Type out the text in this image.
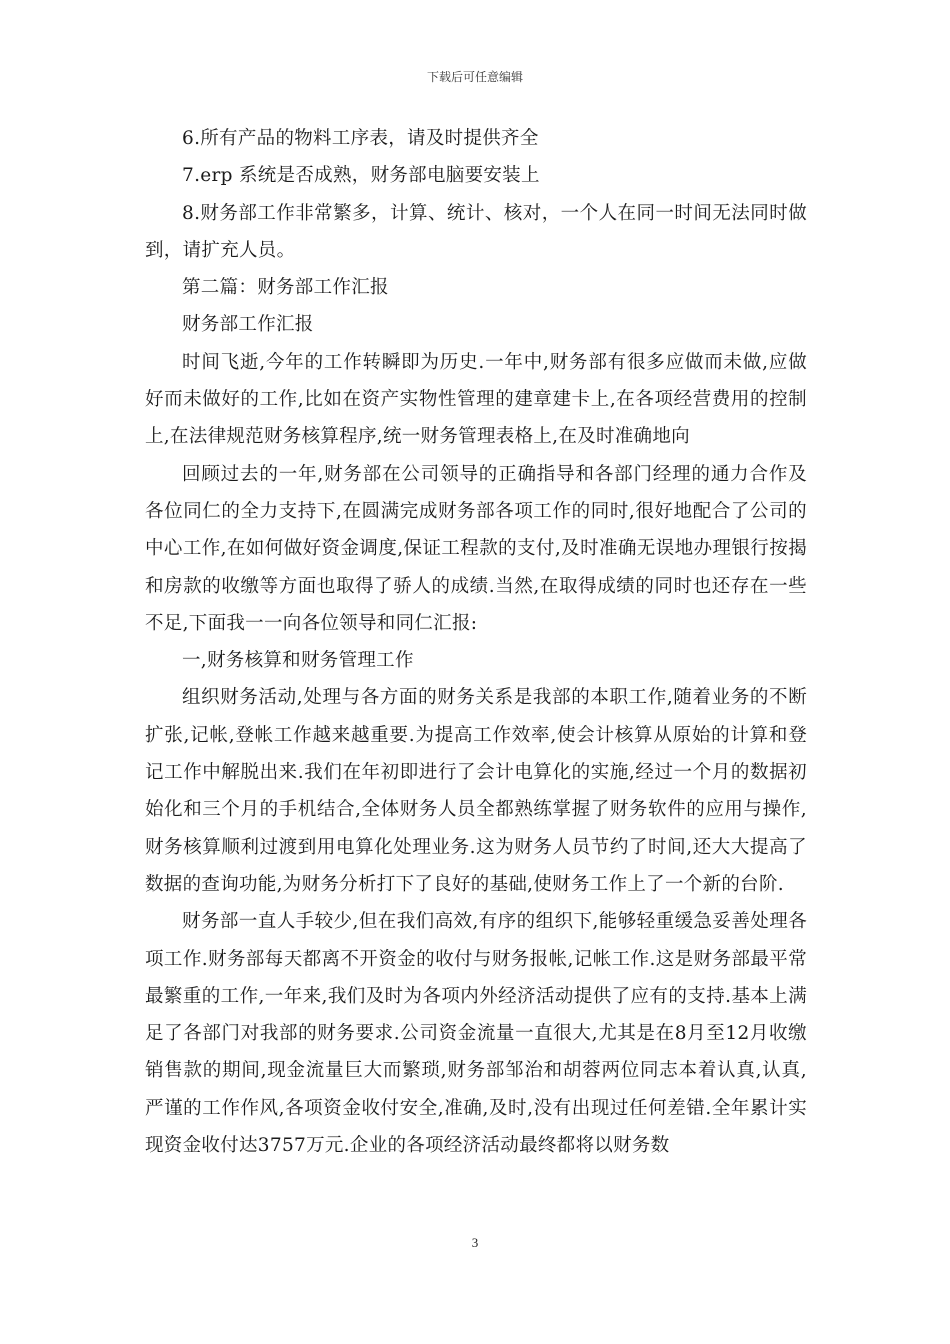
下载后可任意编辑

6.所有产品的物料工序表，请及时提供齐全

7.erp 系统是否成熟，财务部电脑要安装上

8.财务部工作非常繁多，计算、统计、核对，一个人在同一时间无法同时做到，请扩充人员。

第二篇：财务部工作汇报

财务部工作汇报

时间飞逝,今年的工作转瞬即为历史.一年中,财务部有很多应做而未做,应做好而未做好的工作,比如在资产实物性管理的建章建卡上,在各项经营费用的控制上,在法律规范财务核算程序,统一财务管理表格上,在及时准确地向

回顾过去的一年,财务部在公司领导的正确指导和各部门经理的通力合作及各位同仁的全力支持下,在圆满完成财务部各项工作的同时,很好地配合了公司的中心工作,在如何做好资金调度,保证工程款的支付,及时准确无误地办理银行按揭和房款的收缴等方面也取得了骄人的成绩.当然,在取得成绩的同时也还存在一些不足,下面我一一向各位领导和同仁汇报:

一,财务核算和财务管理工作

组织财务活动,处理与各方面的财务关系是我部的本职工作,随着业务的不断扩张,记帐,登帐工作越来越重要.为提高工作效率,使会计核算从原始的计算和登记工作中解脱出来.我们在年初即进行了会计电算化的实施,经过一个月的数据初始化和三个月的手机结合,全体财务人员全都熟练掌握了财务软件的应用与操作,财务核算顺利过渡到用电算化处理业务.这为财务人员节约了时间,还大大提高了数据的查询功能,为财务分析打下了良好的基础,使财务工作上了一个新的台阶.

财务部一直人手较少,但在我们高效,有序的组织下,能够轻重缓急妥善处理各项工作.财务部每天都离不开资金的收付与财务报帐,记帐工作.这是财务部最平常最繁重的工作,一年来,我们及时为各项内外经济活动提供了应有的支持.基本上满足了各部门对我部的财务要求.公司资金流量一直很大,尤其是在8月至12月收缴销售款的期间,现金流量巨大而繁琐,财务部邹治和胡蓉两位同志本着认真,认真,严谨的工作作风,各项资金收付安全,准确,及时,没有出现过任何差错.全年累计实现资金收付达3757万元.企业的各项经济活动最终都将以财务数

3
